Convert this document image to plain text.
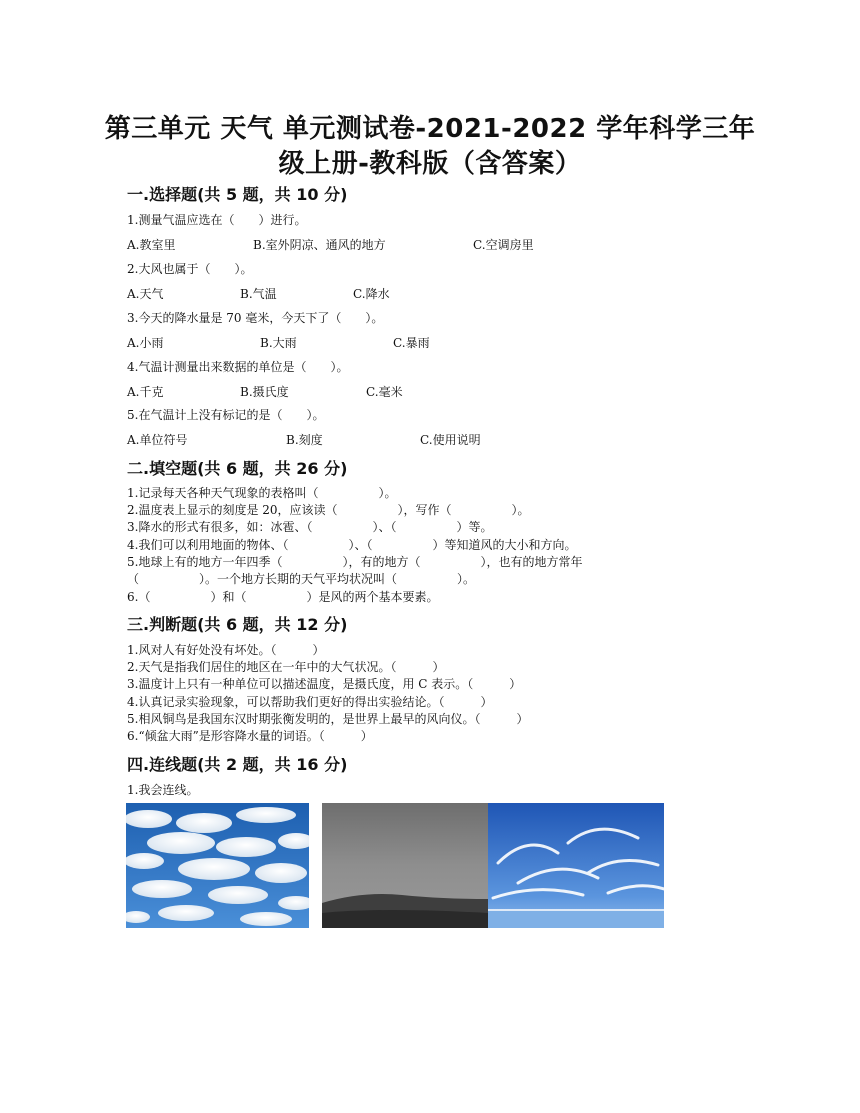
第三单元 天气 单元测试卷-2021-2022 学年科学三年
级上册-教科版（含答案）
一.选择题(共 5 题，共 10 分)
1.测量气温应选在（　　）进行。
A.教室里	B.室外阴凉、通风的地方	C.空调房里
2.大风也属于（　　）。
A.天气	B.气温	C.降水
3.今天的降水量是 70 毫米，今天下了（　　）。
A.小雨	B.大雨	C.暴雨
4.气温计测量出来数据的单位是（　　）。
A.千克	B.摄氏度	C.毫米
5.在气温计上没有标记的是（　　）。
A.单位符号	B.刻度	C.使用说明
二.填空题(共 6 题，共 26 分)
1.记录每天各种天气现象的表格叫（　　　　　）。
2.温度表上显示的刻度是 20，应该读（　　　　　），写作（　　　　　）。
3.降水的形式有很多，如：冰雹、（　　　　　）、（　　　　　）等。
4.我们可以利用地面的物体、（　　　　　）、（　　　　　）等知道风的大小和方向。
5.地球上有的地方一年四季（　　　　　），有的地方（　　　　　），也有的地方常年
（　　　　　）。一个地方长期的天气平均状况叫（　　　　　）。
6.（　　　　　）和（　　　　　）是风的两个基本要素。
三.判断题(共 6 题，共 12 分)
1.风对人有好处没有坏处。（　　　）
2.天气是指我们居住的地区在一年中的大气状况。（　　　）
3.温度计上只有一种单位可以描述温度，是摄氏度，用 C 表示。（　　　）
4.认真记录实验现象，可以帮助我们更好的得出实验结论。（　　　）
5.相风铜鸟是我国东汉时期张衡发明的，是世界上最早的风向仪。（　　　）
6.“倾盆大雨”是形容降水量的词语。（　　　）
四.连线题(共 2 题，共 16 分)
1.我会连线。
